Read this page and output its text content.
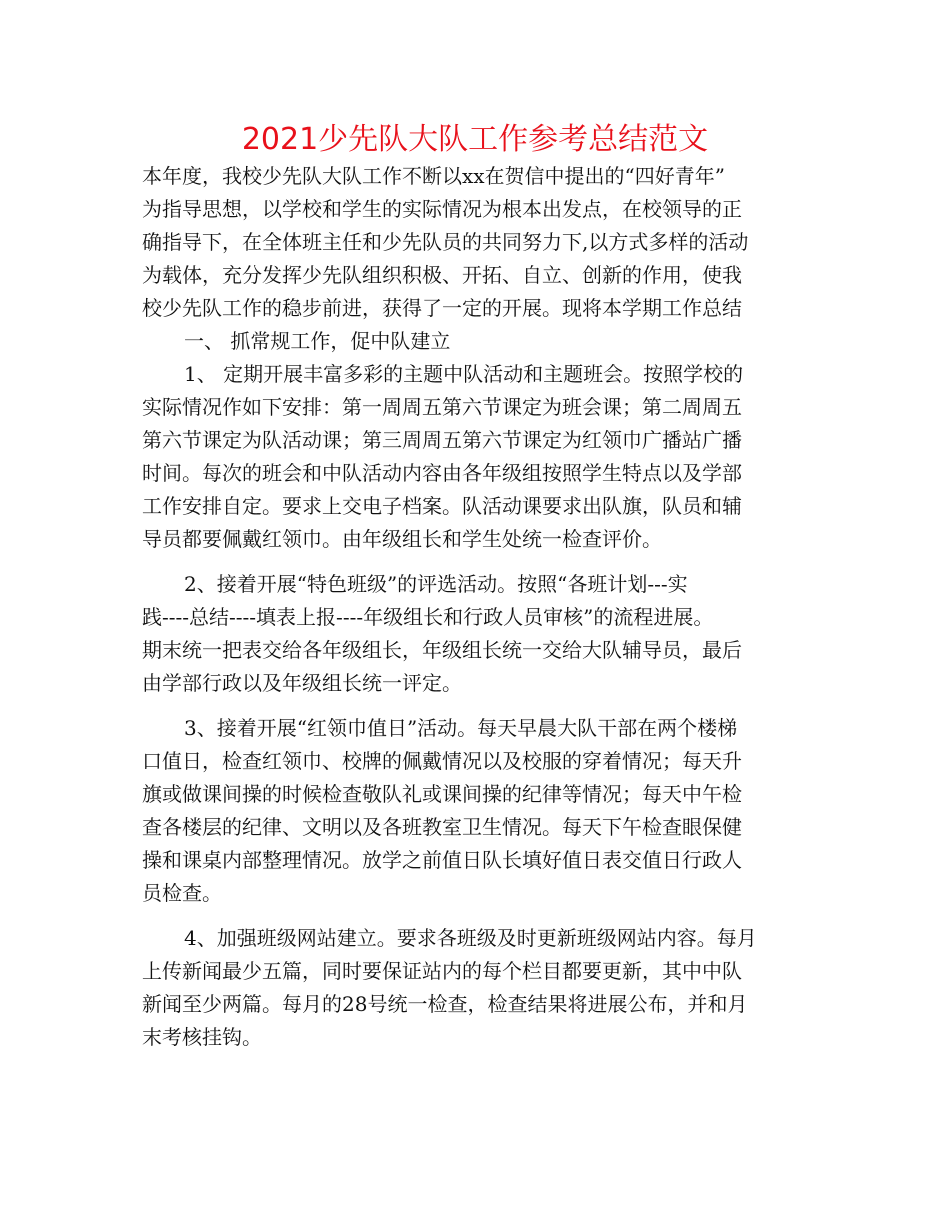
2021少先队大队工作参考总结范文
本年度，我校少先队大队工作不断以xx在贺信中提出的“四好青年”
为指导思想，以学校和学生的实际情况为根本出发点，在校领导的正
确指导下，在全体班主任和少先队员的共同努力下,以方式多样的活动
为载体，充分发挥少先队组织积极、开拓、自立、创新的作用，使我
校少先队工作的稳步前进，获得了一定的开展。现将本学期工作总结
一、 抓常规工作，促中队建立
1、 定期开展丰富多彩的主题中队活动和主题班会。按照学校的
实际情况作如下安排：第一周周五第六节课定为班会课；第二周周五
第六节课定为队活动课；第三周周五第六节课定为红领巾广播站广播
时间。每次的班会和中队活动内容由各年级组按照学生特点以及学部
工作安排自定。要求上交电子档案。队活动课要求出队旗，队员和辅
导员都要佩戴红领巾。由年级组长和学生处统一检查评价。
2、接着开展“特色班级”的评选活动。按照“各班计划---实
践----总结----填表上报----年级组长和行政人员审核”的流程进展。
期末统一把表交给各年级组长，年级组长统一交给大队辅导员，最后
由学部行政以及年级组长统一评定。
3、接着开展“红领巾值日”活动。每天早晨大队干部在两个楼梯
口值日，检查红领巾、校牌的佩戴情况以及校服的穿着情况；每天升
旗或做课间操的时候检查敬队礼或课间操的纪律等情况；每天中午检
查各楼层的纪律、文明以及各班教室卫生情况。每天下午检查眼保健
操和课桌内部整理情况。放学之前值日队长填好值日表交值日行政人
员检查。
4、加强班级网站建立。要求各班级及时更新班级网站内容。每月
上传新闻最少五篇，同时要保证站内的每个栏目都要更新，其中中队
新闻至少两篇。每月的28号统一检查，检查结果将进展公布，并和月
末考核挂钩。
